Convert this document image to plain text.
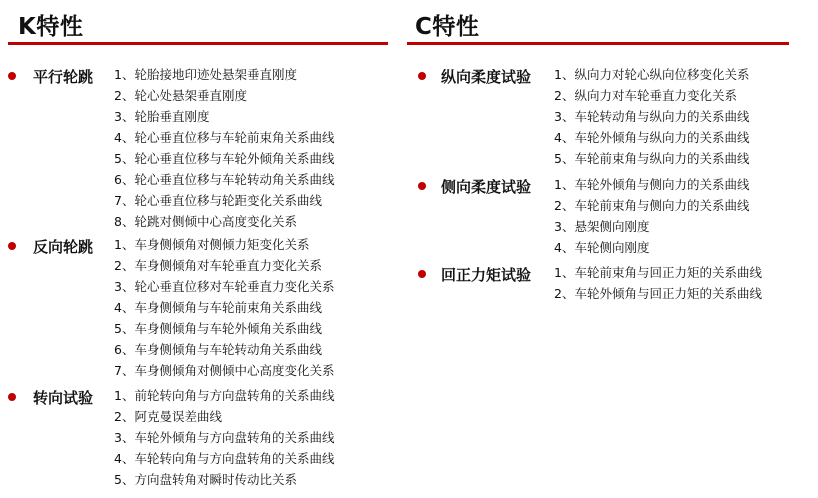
K特性
平行轮跳 1、轮胎接地印迹处悬架垂直刚度
2、轮心处悬架垂直刚度
3、轮胎垂直刚度
4、轮心垂直位移与车轮前束角关系曲线
5、轮心垂直位移与车轮外倾角关系曲线
6、轮心垂直位移与车轮转动角关系曲线
7、轮心垂直位移与轮距变化关系曲线
8、轮跳对侧倾中心高度变化关系
反向轮跳 1、车身侧倾角对侧倾力矩变化关系
2、车身侧倾角对车轮垂直力变化关系
3、轮心垂直位移对车轮垂直力变化关系
4、车身侧倾角与车轮前束角关系曲线
5、车身侧倾角与车轮外倾角关系曲线
6、车身侧倾角与车轮转动角关系曲线
7、车身侧倾角对侧倾中心高度变化关系
转向试验 1、前轮转向角与方向盘转角的关系曲线
2、阿克曼误差曲线
3、车轮外倾角与方向盘转角的关系曲线
4、车轮转向角与方向盘转角的关系曲线
5、方向盘转角对瞬时传动比关系
C特性
纵向柔度试验 1、纵向力对轮心纵向位移变化关系
2、纵向力对车轮垂直力变化关系
3、车轮转动角与纵向力的关系曲线
4、车轮外倾角与纵向力的关系曲线
5、车轮前束角与纵向力的关系曲线
侧向柔度试验 1、车轮外倾角与侧向力的关系曲线
2、车轮前束角与侧向力的关系曲线
3、悬架侧向刚度
4、车轮侧向刚度
回正力矩试验 1、车轮前束角与回正力矩的关系曲线
2、车轮外倾角与回正力矩的关系曲线
